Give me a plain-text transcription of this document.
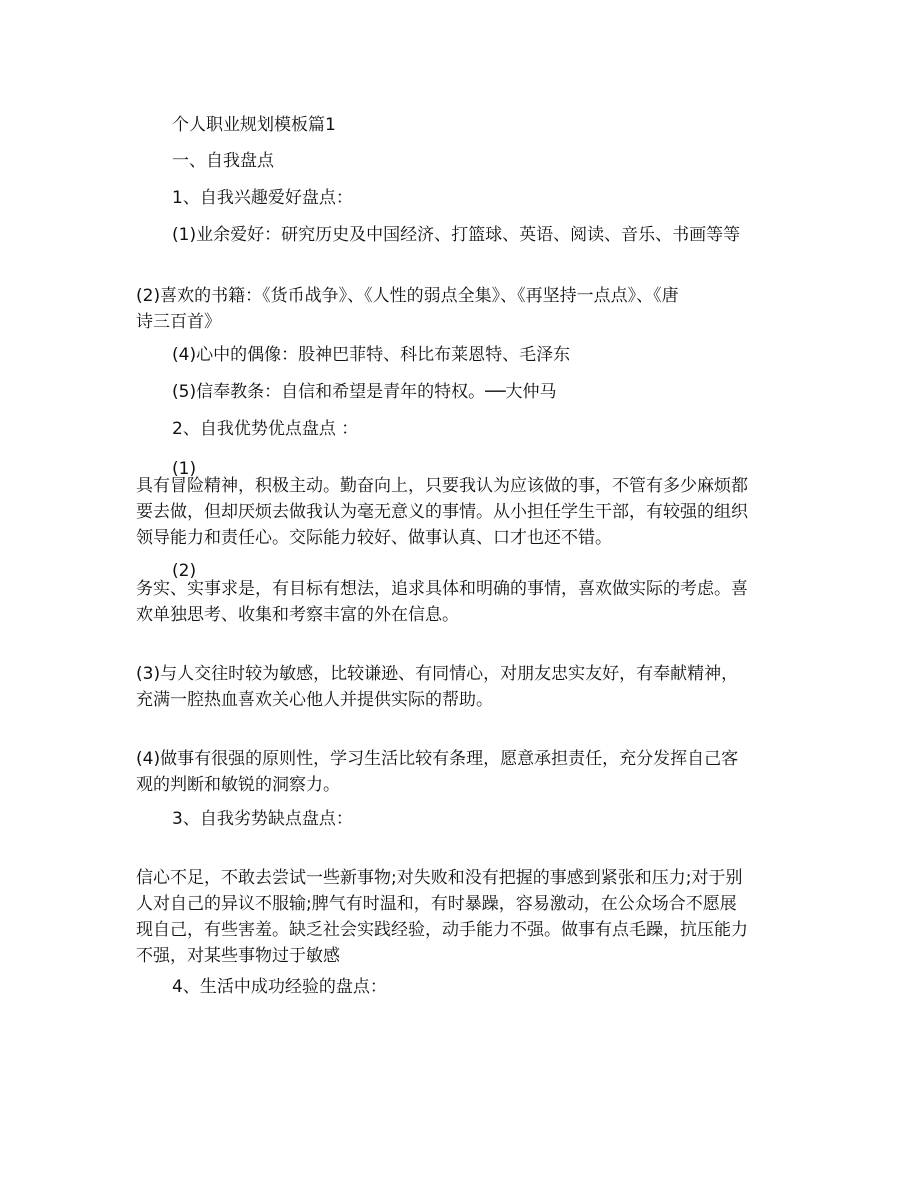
个人职业规划模板篇1
一、自我盘点
1、自我兴趣爱好盘点：
(1)业余爱好：研究历史及中国经济、打篮球、英语、阅读、音乐、书画等等
(2)喜欢的书籍：《货币战争》、《人性的弱点全集》、《再坚持一点点》、《唐
诗三百首》
(4)心中的偶像：股神巴菲特、科比布莱恩特、毛泽东
(5)信奉教条：自信和希望是青年的特权。──大仲马
2、自我优势优点盘点 ：
(1)
具有冒险精神，积极主动。勤奋向上，只要我认为应该做的事，不管有多少麻烦都
要去做，但却厌烦去做我认为毫无意义的事情。从小担任学生干部，有较强的组织
领导能力和责任心。交际能力较好、做事认真、口才也还不错。
(2)
务实、实事求是，有目标有想法，追求具体和明确的事情，喜欢做实际的考虑。喜
欢单独思考、收集和考察丰富的外在信息。
(3)与人交往时较为敏感，比较谦逊、有同情心，对朋友忠实友好，有奉献精神，
充满一腔热血喜欢关心他人并提供实际的帮助。
(4)做事有很强的原则性，学习生活比较有条理，愿意承担责任，充分发挥自己客
观的判断和敏锐的洞察力。
3、自我劣势缺点盘点：
信心不足，不敢去尝试一些新事物;对失败和没有把握的事感到紧张和压力;对于别
人对自己的异议不服输;脾气有时温和，有时暴躁，容易激动，在公众场合不愿展
现自己，有些害羞。缺乏社会实践经验，动手能力不强。做事有点毛躁，抗压能力
不强，对某些事物过于敏感
4、生活中成功经验的盘点：
